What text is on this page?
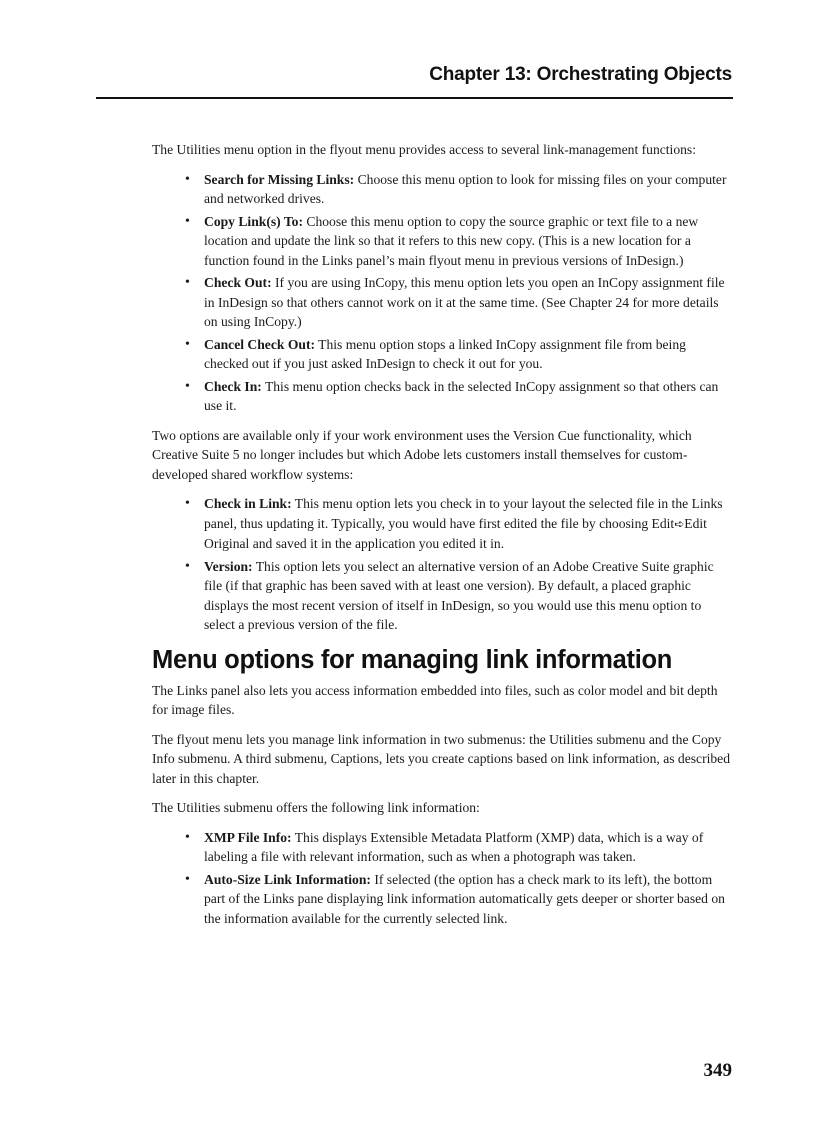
Chapter 13: Orchestrating Objects

The Utilities menu option in the flyout menu provides access to several link-management functions:

• Search for Missing Links: Choose this menu option to look for missing files on your computer and networked drives.
• Copy Link(s) To: Choose this menu option to copy the source graphic or text file to a new location and update the link so that it refers to this new copy. (This is a new location for a function found in the Links panel’s main flyout menu in previous versions of InDesign.)
• Check Out: If you are using InCopy, this menu option lets you open an InCopy assignment file in InDesign so that others cannot work on it at the same time. (See Chapter 24 for more details on using InCopy.)
• Cancel Check Out: This menu option stops a linked InCopy assignment file from being checked out if you just asked InDesign to check it out for you.
• Check In: This menu option checks back in the selected InCopy assignment so that others can use it.

Two options are available only if your work environment uses the Version Cue functionality, which Creative Suite 5 no longer includes but which Adobe lets customers install themselves for custom-developed shared workflow systems:

• Check in Link: This menu option lets you check in to your layout the selected file in the Links panel, thus updating it. Typically, you would have first edited the file by choosing Edit➪Edit Original and saved it in the application you edited it in.
• Version: This option lets you select an alternative version of an Adobe Creative Suite graphic file (if that graphic has been saved with at least one version). By default, a placed graphic displays the most recent version of itself in InDesign, so you would use this menu option to select a previous version of the file.
Menu options for managing link information

The Links panel also lets you access information embedded into files, such as color model and bit depth for image files.

The flyout menu lets you manage link information in two submenus: the Utilities submenu and the Copy Info submenu. A third submenu, Captions, lets you create captions based on link information, as described later in this chapter.

The Utilities submenu offers the following link information:

• XMP File Info: This displays Extensible Metadata Platform (XMP) data, which is a way of labeling a file with relevant information, such as when a photograph was taken.
• Auto-Size Link Information: If selected (the option has a check mark to its left), the bottom part of the Links pane displaying link information automatically gets deeper or shorter based on the information available for the currently selected link.
349
